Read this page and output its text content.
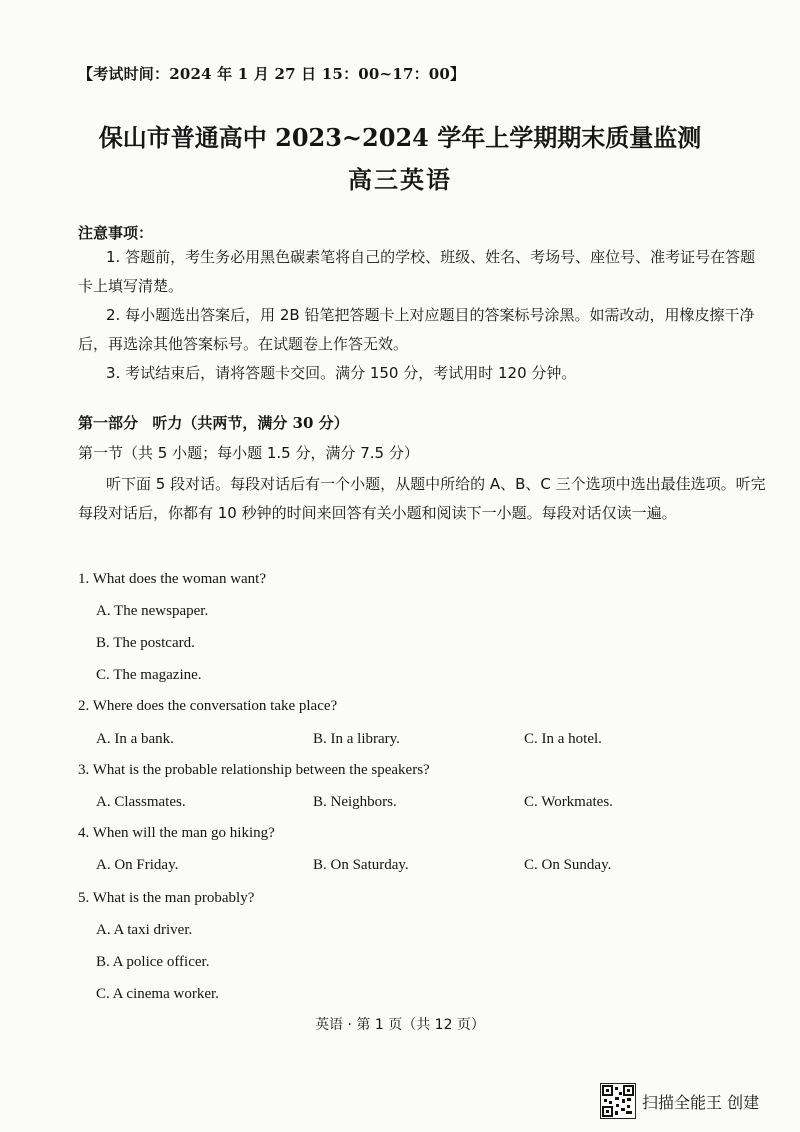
【考试时间：2024 年 1 月 27 日 15：00~17：00】
保山市普通高中 2023~2024 学年上学期期末质量监测
高三英语
注意事项：
1. 答题前，考生务必用黑色碳素笔将自己的学校、班级、姓名、考场号、座位号、准考证号在答题卡上填写清楚。
2. 每小题选出答案后，用 2B 铅笔把答题卡上对应题目的答案标号涂黑。如需改动，用橡皮擦干净后，再选涂其他答案标号。在试题卷上作答无效。
3. 考试结束后，请将答题卡交回。满分 150 分，考试用时 120 分钟。
第一部分 听力（共两节，满分 30 分）
第一节（共 5 小题；每小题 1.5 分，满分 7.5 分）
听下面 5 段对话。每段对话后有一个小题，从题中所给的 A、B、C 三个选项中选出最佳选项。听完每段对话后，你都有 10 秒钟的时间来回答有关小题和阅读下一小题。每段对话仅读一遍。
1. What does the woman want?
A. The newspaper.
B. The postcard.
C. The magazine.
2. Where does the conversation take place?
A. In a bank.	B. In a library.	C. In a hotel.
3. What is the probable relationship between the speakers?
A. Classmates.	B. Neighbors.	C. Workmates.
4. When will the man go hiking?
A. On Friday.	B. On Saturday.	C. On Sunday.
5. What is the man probably?
A. A taxi driver.
B. A police officer.
C. A cinema worker.
英语 · 第 1 页（共 12 页）
扫描全能王 创建
